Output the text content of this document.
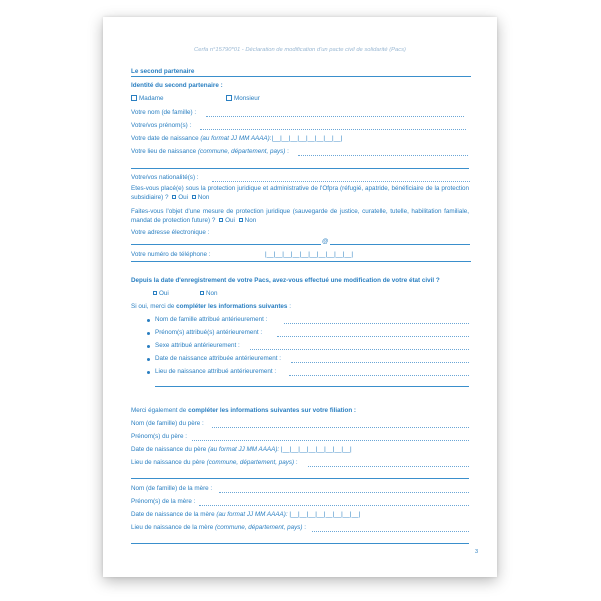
Cerfa n°15790*01 - Déclaration de modification d'un pacte civil de solidarité (Pacs)
Le second partenaire
Identité du second partenaire :
Madame	Monsieur
Votre nom (de famille) :
Votre/vos prénom(s) :
Votre date de naissance (au format JJ MM AAAA):|__|__|__|__|__|__|__|__|
Votre lieu de naissance (commune, département, pays) :
Votre/vos nationalité(s) :
Etes-vous placé(e) sous la protection juridique et administrative de l'Ofpra (réfugié, apatride, bénéficiaire de la protection subsidiaire) ? Oui Non
Faites-vous l'objet d'une mesure de protection juridique (sauvegarde de justice, curatelle, tutelle, habilitation familiale, mandat de protection future) ? Oui Non
Votre adresse électronique :
@
Votre numéro de téléphone :	|__|__|__|__|__|__|__|__|__|__|
Depuis la date d'enregistrement de votre Pacs, avez-vous effectué une modification de votre état civil ?
Oui	Non
Si oui, merci de compléter les informations suivantes :
Nom de famille attribué antérieurement :
Prénom(s) attribué(s) antérieurement :
Sexe attribué antérieurement :
Date de naissance attribuée antérieurement :
Lieu de naissance attribué antérieurement :
Merci également de compléter les informations suivantes sur votre filiation :
Nom (de famille) du père :
Prénom(s) du père :
Date de naissance du père (au format JJ MM AAAA): |__|__|__|__|__|__|__|__|
Lieu de naissance du père (commune, département, pays) :
Nom (de famille) de la mère :
Prénom(s) de la mère :
Date de naissance de la mère (au format JJ MM AAAA): |__|__|__|__|__|__|__|__|
Lieu de naissance de la mère (commune, département, pays) :
3
